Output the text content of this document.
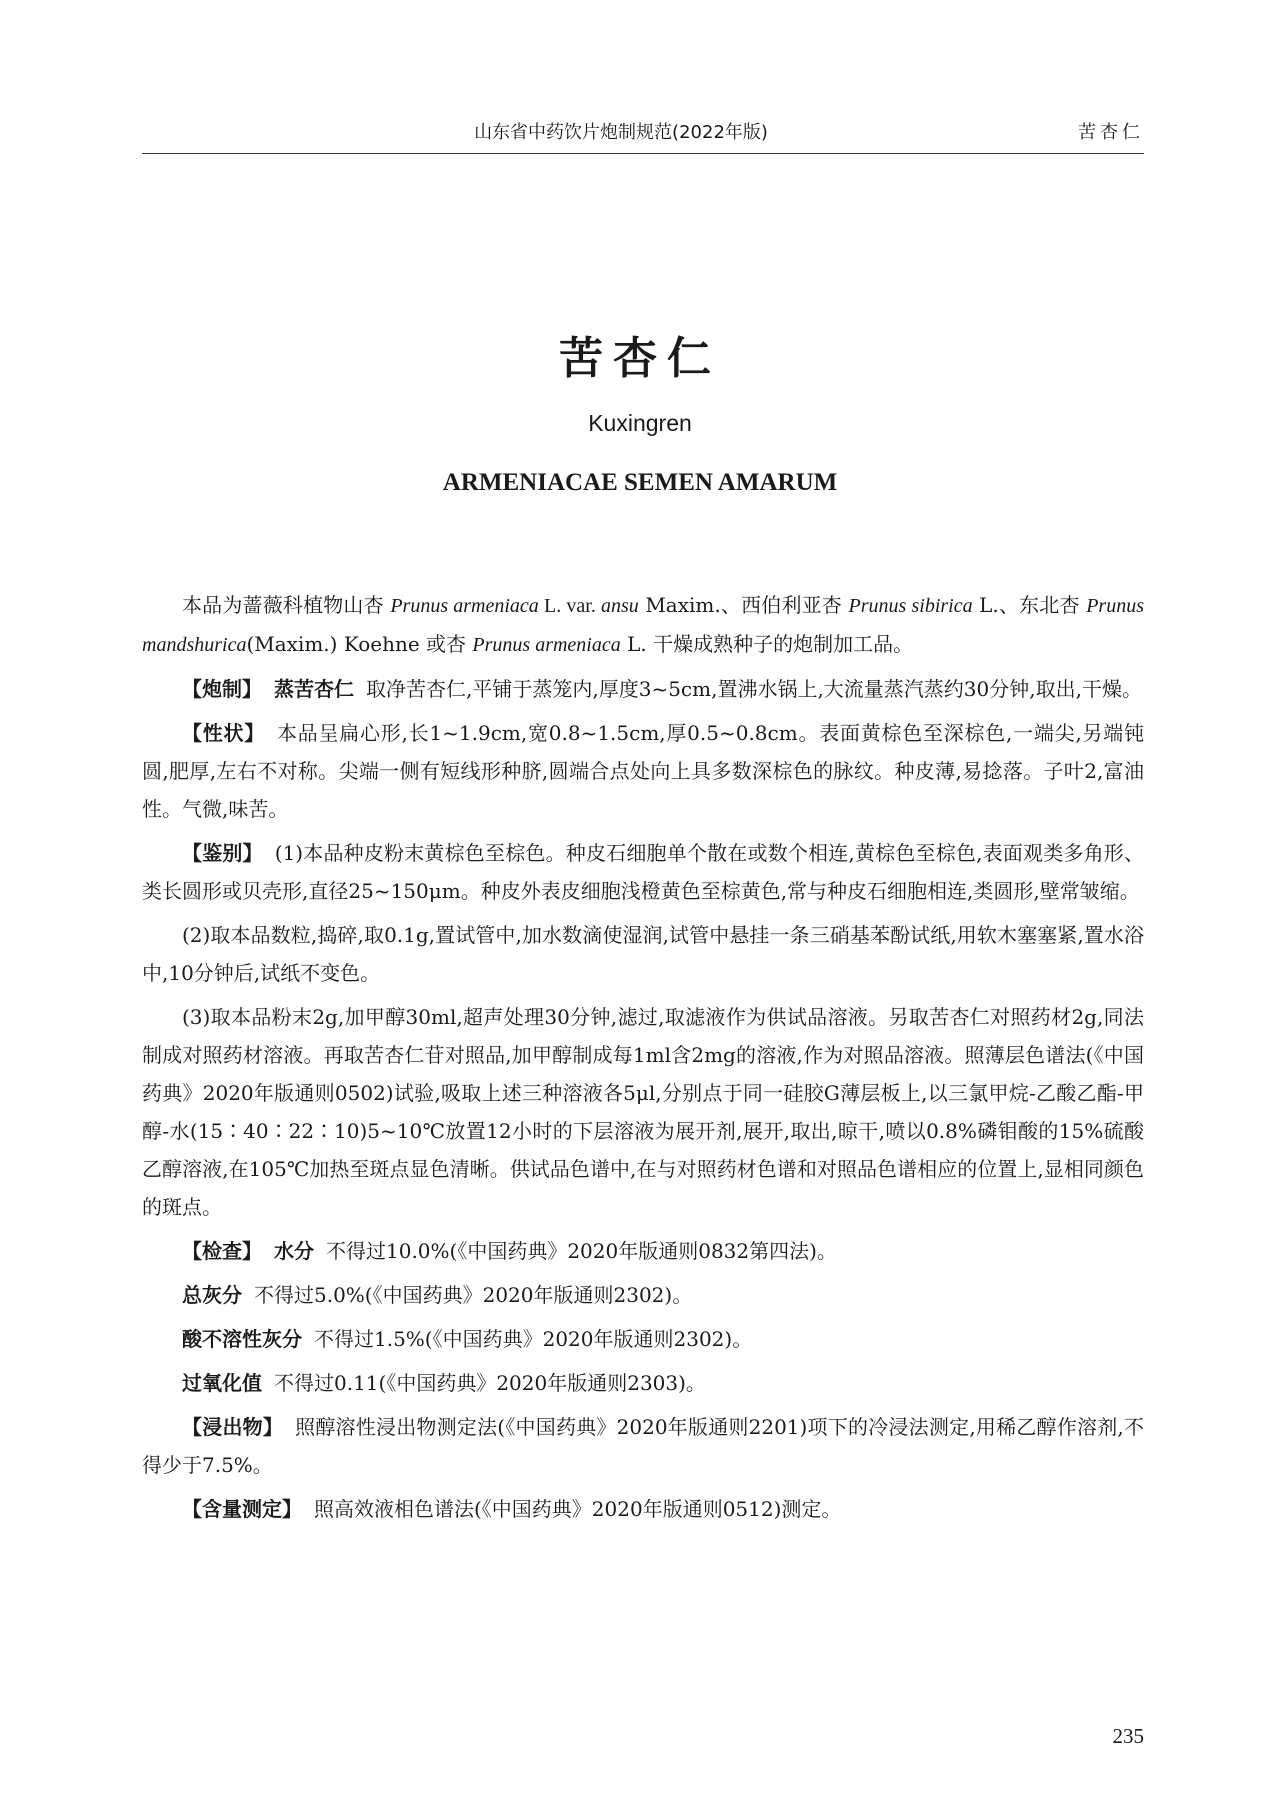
山东省中药饮片炮制规范(2022年版)	苦杏仁
苦杏仁
Kuxingren
ARMENIACAE SEMEN AMARUM

本品为蔷薇科植物山杏 Prunus armeniaca L. var. ansu Maxim.、西伯利亚杏 Prunus sibirica L.、东北杏 Prunus mandshurica(Maxim.) Koehne 或杏 Prunus armeniaca L. 干燥成熟种子的炮制加工品。

【炮制】 蒸苦杏仁 取净苦杏仁,平铺于蒸笼内,厚度3~5cm,置沸水锅上,大流量蒸汽蒸约30分钟,取出,干燥。

【性状】 本品呈扁心形,长1~1.9cm,宽0.8~1.5cm,厚0.5~0.8cm。表面黄棕色至深棕色,一端尖,另端钝圆,肥厚,左右不对称。尖端一侧有短线形种脐,圆端合点处向上具多数深棕色的脉纹。种皮薄,易捻落。子叶2,富油性。气微,味苦。

【鉴别】 (1)本品种皮粉末黄棕色至棕色。种皮石细胞单个散在或数个相连,黄棕色至棕色,表面观类多角形、类长圆形或贝壳形,直径25~150μm。种皮外表皮细胞浅橙黄色至棕黄色,常与种皮石细胞相连,类圆形,壁常皱缩。

(2)取本品数粒,捣碎,取0.1g,置试管中,加水数滴使湿润,试管中悬挂一条三硝基苯酚试纸,用软木塞塞紧,置水浴中,10分钟后,试纸不变色。

(3)取本品粉末2g,加甲醇30ml,超声处理30分钟,滤过,取滤液作为供试品溶液。另取苦杏仁对照药材2g,同法制成对照药材溶液。再取苦杏仁苷对照品,加甲醇制成每1ml含2mg的溶液,作为对照品溶液。照薄层色谱法(《中国药典》2020年版通则0502)试验,吸取上述三种溶液各5μl,分别点于同一硅胶G薄层板上,以三氯甲烷-乙酸乙酯-甲醇-水(15∶40∶22∶10)5~10℃放置12小时的下层溶液为展开剂,展开,取出,晾干,喷以0.8%磷钼酸的15%硫酸乙醇溶液,在105℃加热至斑点显色清晰。供试品色谱中,在与对照药材色谱和对照品色谱相应的位置上,显相同颜色的斑点。

【检查】 水分 不得过10.0%(《中国药典》2020年版通则0832第四法)。

总灰分 不得过5.0%(《中国药典》2020年版通则2302)。

酸不溶性灰分 不得过1.5%(《中国药典》2020年版通则2302)。

过氧化值 不得过0.11(《中国药典》2020年版通则2303)。

【浸出物】 照醇溶性浸出物测定法(《中国药典》2020年版通则2201)项下的冷浸法测定,用稀乙醇作溶剂,不得少于7.5%。

【含量测定】 照高效液相色谱法(《中国药典》2020年版通则0512)测定。

235
